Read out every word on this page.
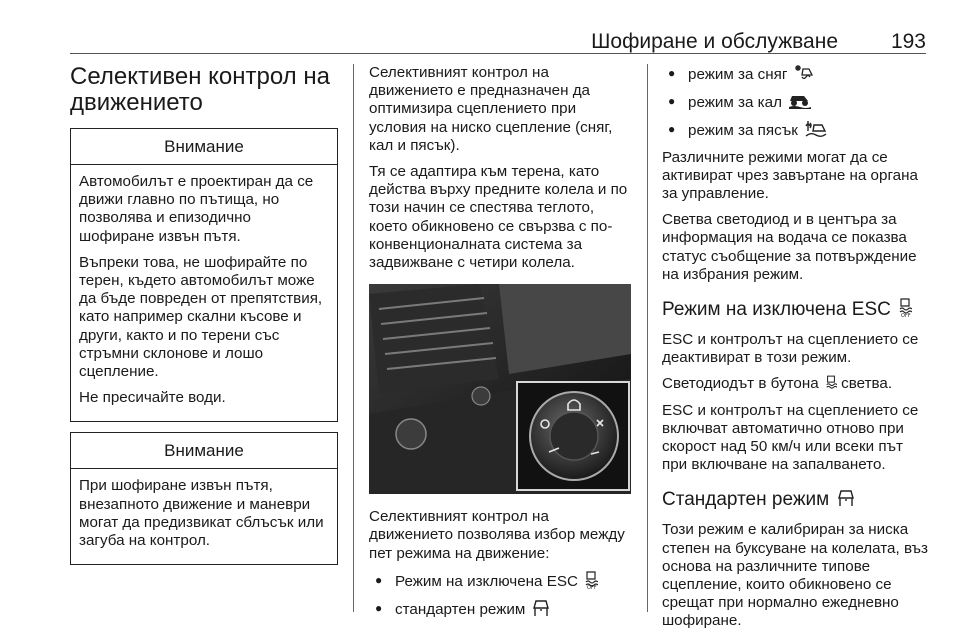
Шофиране и обслужване	193
Селективен контрол на движението
Внимание

Автомобилът е проектиран да се движи главно по пътища, но позволява и епизодично шофиране извън пътя.

Въпреки това, не шофирайте по терен, където автомобилът може да бъде повреден от препятствия, като например скални късове и други, както и по терени със стръмни склонове и лошо сцепление.

Не пресичайте води.

Внимание

При шофиране извън пътя, внезапното движение и маневри могат да предизвикат сблъсък или загуба на контрол.

Селективният контрол на движението е предназначен да оптимизира сцеплението при условия на ниско сцепление (сняг, кал и пясък).

Тя се адаптира към терена, като действа върху предните колела и по този начин се спестява теглото, което обикновено се свързва с по-конвенционалната система за задвижване с четири колела.

Селективният контрол на движението позволява избор между пет режима на движение:

● Режим на изключена ESC OFF
● стандартен режим
● режим за сняг
● режим за кал
● режим за пясък

Различните режими могат да се активират чрез завъртане на органа за управление.

Светва светодиод и в центъра за информация на водача се показва статус съобщение за потвърждение на избрания режим.

Режим на изключена ESC OFF

ESC и контролът на сцеплението се деактивират в този режим.

Светодиодът в бутона светва.

ESC и контролът на сцеплението се включват автоматично отново при скорост над 50 км/ч или всеки път при включване на запалването.

Стандартен режим

Този режим е калибриран за ниска степен на буксуване на колелата, въз основа на различните типове сцепление, които обикновено се срещат при нормално ежедневно шофиране.
